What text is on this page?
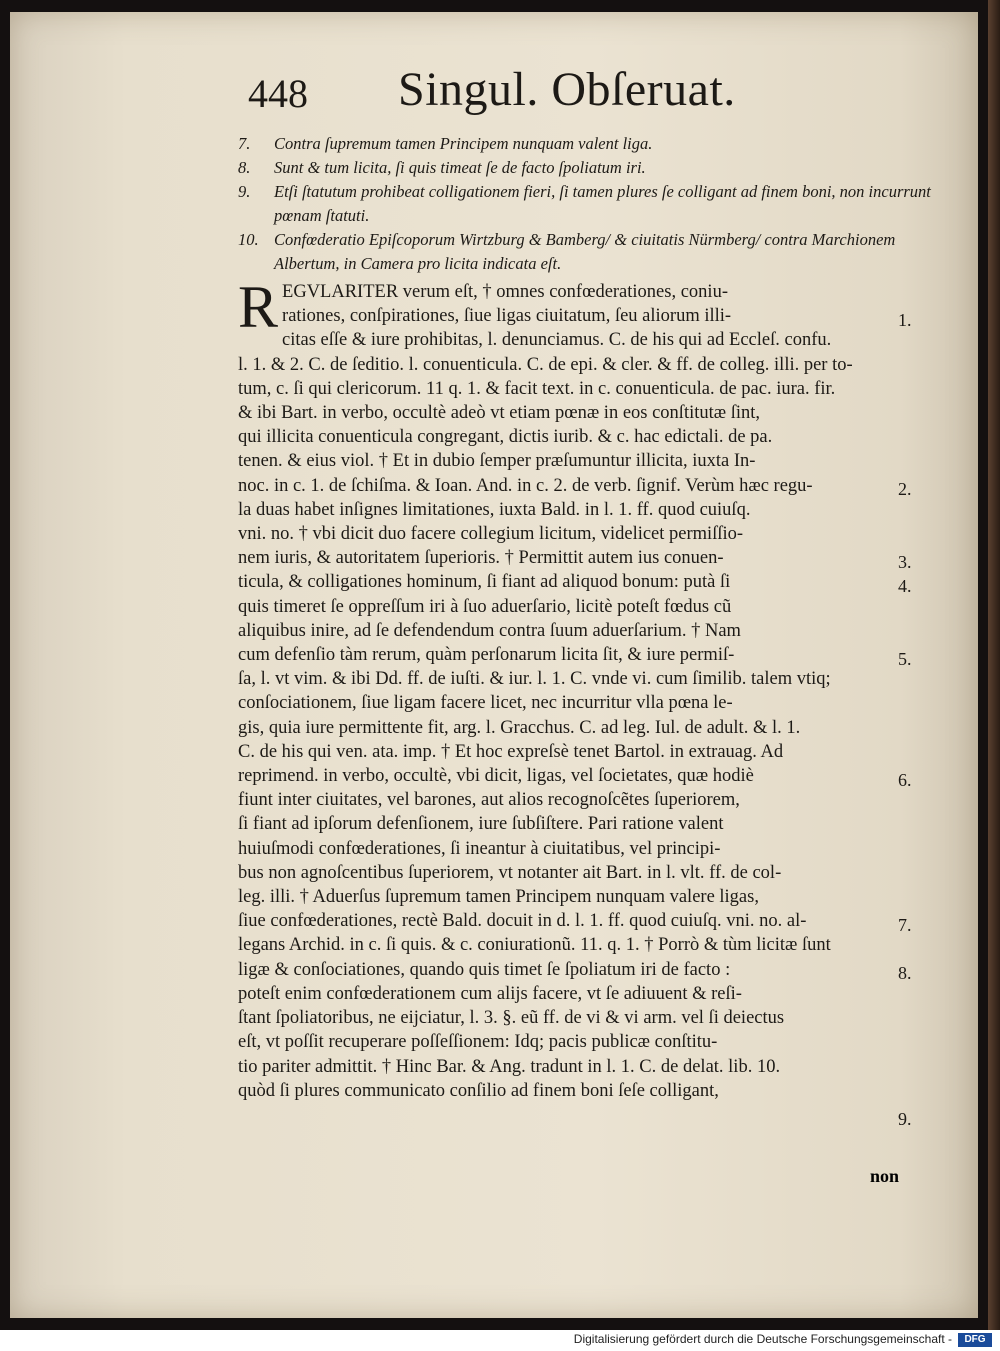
448 Singul. Obſeruat.
7.	Contra ſupremum tamen Principem nunquam valent liga.
8.	Sunt & tum licita, ſi quis timeat ſe de facto ſpoliatum iri.
9.	Etſi ſtatutum prohibeat colligationem fieri, ſi tamen plures ſe colligant ad finem boni, non incurrunt pœnam ſtatuti.
10. Confœderatio Epiſcoporum Wirtzburg & Bamberg/ & ciuitatis Nürmberg/ contra Marchionem Albertum, in Camera pro licita indicata eſt.
R EGVLARITER verum eſt, † omnes confœderationes, coniu-
rationes, conſpirationes, ſiue ligas ciuitatum, ſeu aliorum illi-
citas eſſe & iure prohibitas, l. denunciamus. C. de his qui ad Eccleſ. confu.
l. 1. & 2. C. de ſeditio. l. conuenticula. C. de epi. & cler. & ff. de colleg. illi. per to-
tum, c. ſi qui clericorum. 11 q. 1. & facit text. in c. conuenticula. de pac. iura. fir.
& ibi Bart. in verbo, occultè adeò vt etiam pœnæ in eos conſtitutæ ſint,
qui illicita conuenticula congregant, dictis iurib. & c. hac edictali. de pa.
tenen. & eius viol. † Et in dubio ſemper præſumuntur illicita, iuxta In-
noc. in c. 1. de ſchiſma. & Ioan. And. in c. 2. de verb. ſignif. Verùm hæc regu-
la duas habet inſignes limitationes, iuxta Bald. in l. 1. ff. quod cuiuſq.
vni. no. † vbi dicit duo facere collegium licitum, videlicet permiſſio-
nem iuris, & autoritatem ſuperioris. † Permittit autem ius conuen-
ticula, & colligationes hominum, ſi fiant ad aliquod bonum: putà ſi
quis timeret ſe oppreſſum iri à ſuo aduerſario, licitè poteſt fœdus cũ
aliquibus inire, ad ſe defendendum contra ſuum aduerſarium. † Nam
cum defenſio tàm rerum, quàm perſonarum licita ſit, & iure permiſ-
ſa, l. vt vim. & ibi Dd. ff. de iuſti. & iur. l. 1. C. vnde vi. cum ſimilib. talem vtiq;
conſociationem, ſiue ligam facere licet, nec incurritur vlla pœna le-
gis, quia iure permittente fit, arg. l. Gracchus. C. ad leg. Iul. de adult. & l. 1.
C. de his qui ven. ata. imp. † Et hoc expreſsè tenet Bartol. in extrauag. Ad
reprimend. in verbo, occultè, vbi dicit, ligas, vel ſocietates, quæ hodiè
fiunt inter ciuitates, vel barones, aut alios recognoſcẽtes ſuperiorem,
ſi fiant ad ipſorum defenſionem, iure ſubſiſtere. Pari ratione valent
huiuſmodi confœderationes, ſi ineantur à ciuitatibus, vel principi-
bus non agnoſcentibus ſuperiorem, vt notanter ait Bart. in l. vlt. ff. de col-
leg. illi. † Aduerſus ſupremum tamen Principem nunquam valere ligas,
ſiue confœderationes, rectè Bald. docuit in d. l. 1. ff. quod cuiuſq. vni. no. al-
legans Archid. in c. ſi quis. & c. coniurationũ. 11. q. 1. † Porrò & tùm licitæ ſunt
ligæ & conſociationes, quando quis timet ſe ſpoliatum iri de facto :
poteſt enim confœderationem cum alijs facere, vt ſe adiuuent & reſi-
ſtant ſpoliatoribus, ne eijciatur, l. 3. §. eũ ff. de vi & vi arm. vel ſi deiectus
eſt, vt poſſit recuperare poſſeſſionem: Idq; pacis publicæ conſtitu-
tio pariter admittit. † Hinc Bar. & Ang. tradunt in l. 1. C. de delat. lib. 10.
quòd ſi plures communicato conſilio ad finem boni ſeſe colligant,
1.
2.
3.
4.
5.
6.
7.
8.
9.
non
Digitalisierung gefördert durch die Deutsche Forschungsgemeinschaft -	DFG
